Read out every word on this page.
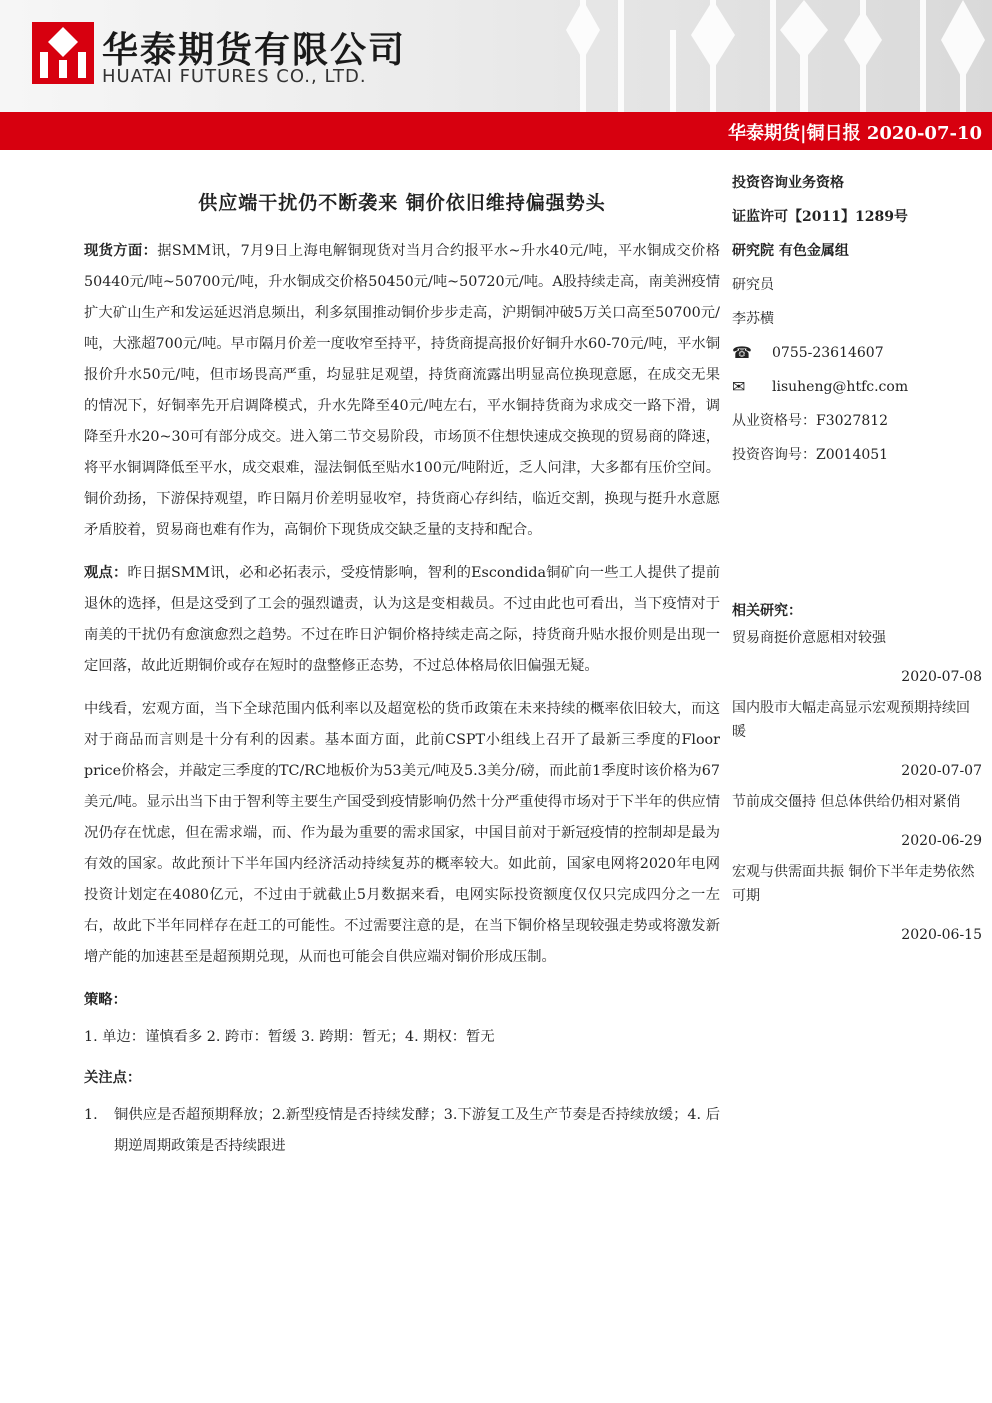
华泰期货有限公司
HUATAI FUTURES CO., LTD.
华泰期货|铜日报 2020-07-10
供应端干扰仍不断袭来 铜价依旧维持偏强势头

现货方面：据SMM讯，7月9日上海电解铜现货对当月合约报平水~升水40元/吨，平水铜成交价格50440元/吨~50700元/吨，升水铜成交价格50450元/吨~50720元/吨。A股持续走高，南美洲疫情扩大矿山生产和发运延迟消息频出，利多氛围推动铜价步步走高，沪期铜冲破5万关口高至50700元/吨，大涨超700元/吨。早市隔月价差一度收窄至持平，持货商提高报价好铜升水60-70元/吨，平水铜报价升水50元/吨，但市场畏高严重，均显驻足观望，持货商流露出明显高位换现意愿，在成交无果的情况下，好铜率先开启调降模式，升水先降至40元/吨左右，平水铜持货商为求成交一路下滑，调降至升水20~30可有部分成交。进入第二节交易阶段，市场顶不住想快速成交换现的贸易商的降速，将平水铜调降低至平水，成交艰难，湿法铜低至贴水100元/吨附近，乏人问津，大多都有压价空间。铜价劲扬，下游保持观望，昨日隔月价差明显收窄，持货商心存纠结，临近交割，换现与挺升水意愿矛盾胶着，贸易商也难有作为，高铜价下现货成交缺乏量的支持和配合。

观点：昨日据SMM讯，必和必拓表示，受疫情影响，智利的Escondida铜矿向一些工人提供了提前退休的选择，但是这受到了工会的强烈谴责，认为这是变相裁员。不过由此也可看出，当下疫情对于南美的干扰仍有愈演愈烈之趋势。不过在昨日沪铜价格持续走高之际，持货商升贴水报价则是出现一定回落，故此近期铜价或存在短时的盘整修正态势，不过总体格局依旧偏强无疑。

中线看，宏观方面，当下全球范围内低利率以及超宽松的货币政策在未来持续的概率依旧较大，而这对于商品而言则是十分有利的因素。基本面方面，此前CSPT小组线上召开了最新三季度的Floor price价格会，并敲定三季度的TC/RC地板价为53美元/吨及5.3美分/磅，而此前1季度时该价格为67美元/吨。显示出当下由于智利等主要生产国受到疫情影响仍然十分严重使得市场对于下半年的供应情况仍存在忧虑，但在需求端，而、作为最为重要的需求国家，中国目前对于新冠疫情的控制却是最为有效的国家。故此预计下半年国内经济活动持续复苏的概率较大。如此前，国家电网将2020年电网投资计划定在4080亿元，不过由于就截止5月数据来看，电网实际投资额度仅仅只完成四分之一左右，故此下半年同样存在赶工的可能性。不过需要注意的是，在当下铜价格呈现较强走势或将激发新增产能的加速甚至是超预期兑现，从而也可能会自供应端对铜价形成压制。

策略：

1. 单边：谨慎看多 2. 跨市：暂缓 3. 跨期：暂无；4. 期权：暂无

关注点：

1.	铜供应是否超预期释放；2.新型疫情是否持续发酵；3.下游复工及生产节奏是否持续放缓；4. 后期逆周期政策是否持续跟进
投资咨询业务资格
证监许可【2011】1289号
研究院 有色金属组
研究员
李苏横
☎	0755-23614607
✉	lisuheng@htfc.com
从业资格号：F3027812
投资咨询号：Z0014051
相关研究：
贸易商挺价意愿相对较强
2020-07-08
国内股市大幅走高显示宏观预期持续回暖
2020-07-07
节前成交僵持 但总体供给仍相对紧俏
2020-06-29
宏观与供需面共振 铜价下半年走势依然可期
2020-06-15
